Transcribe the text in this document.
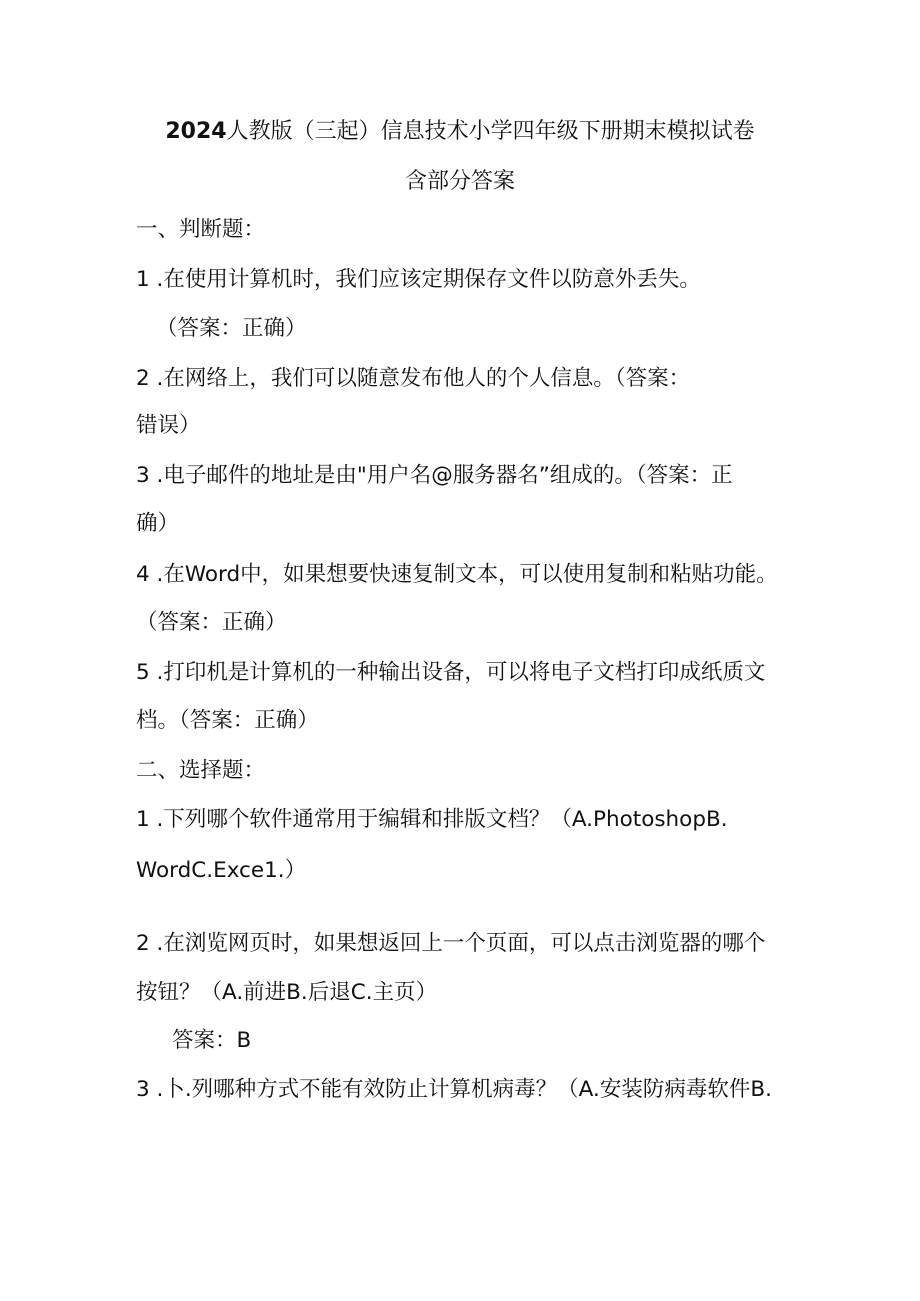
2024人教版（三起）信息技术小学四年级下册期末模拟试卷
含部分答案
一、判断题：
1 .在使用计算机时，我们应该定期保存文件以防意外丢失。
（答案：正确）
2 .在网络上，我们可以随意发布他人的个人信息。（答案：
错误）
3 .电子邮件的地址是由"用户名@服务器名”组成的。（答案：正
确）
4 .在Word中，如果想要快速复制文本，可以使用复制和粘贴功能。
（答案：正确）
5 .打印机是计算机的一种输出设备，可以将电子文档打印成纸质文
档。（答案：正确）
二、选择题：
1 .下列哪个软件通常用于编辑和排版文档？（A.PhotoshopB.
WordC.Exce1.）
2 .在浏览网页时，如果想返回上一个页面，可以点击浏览器的哪个
按钮？（A.前进B.后退C.主页）
答案：B
3 .卜.列哪种方式不能有效防止计算机病毒？（A.安装防病毒软件B.
